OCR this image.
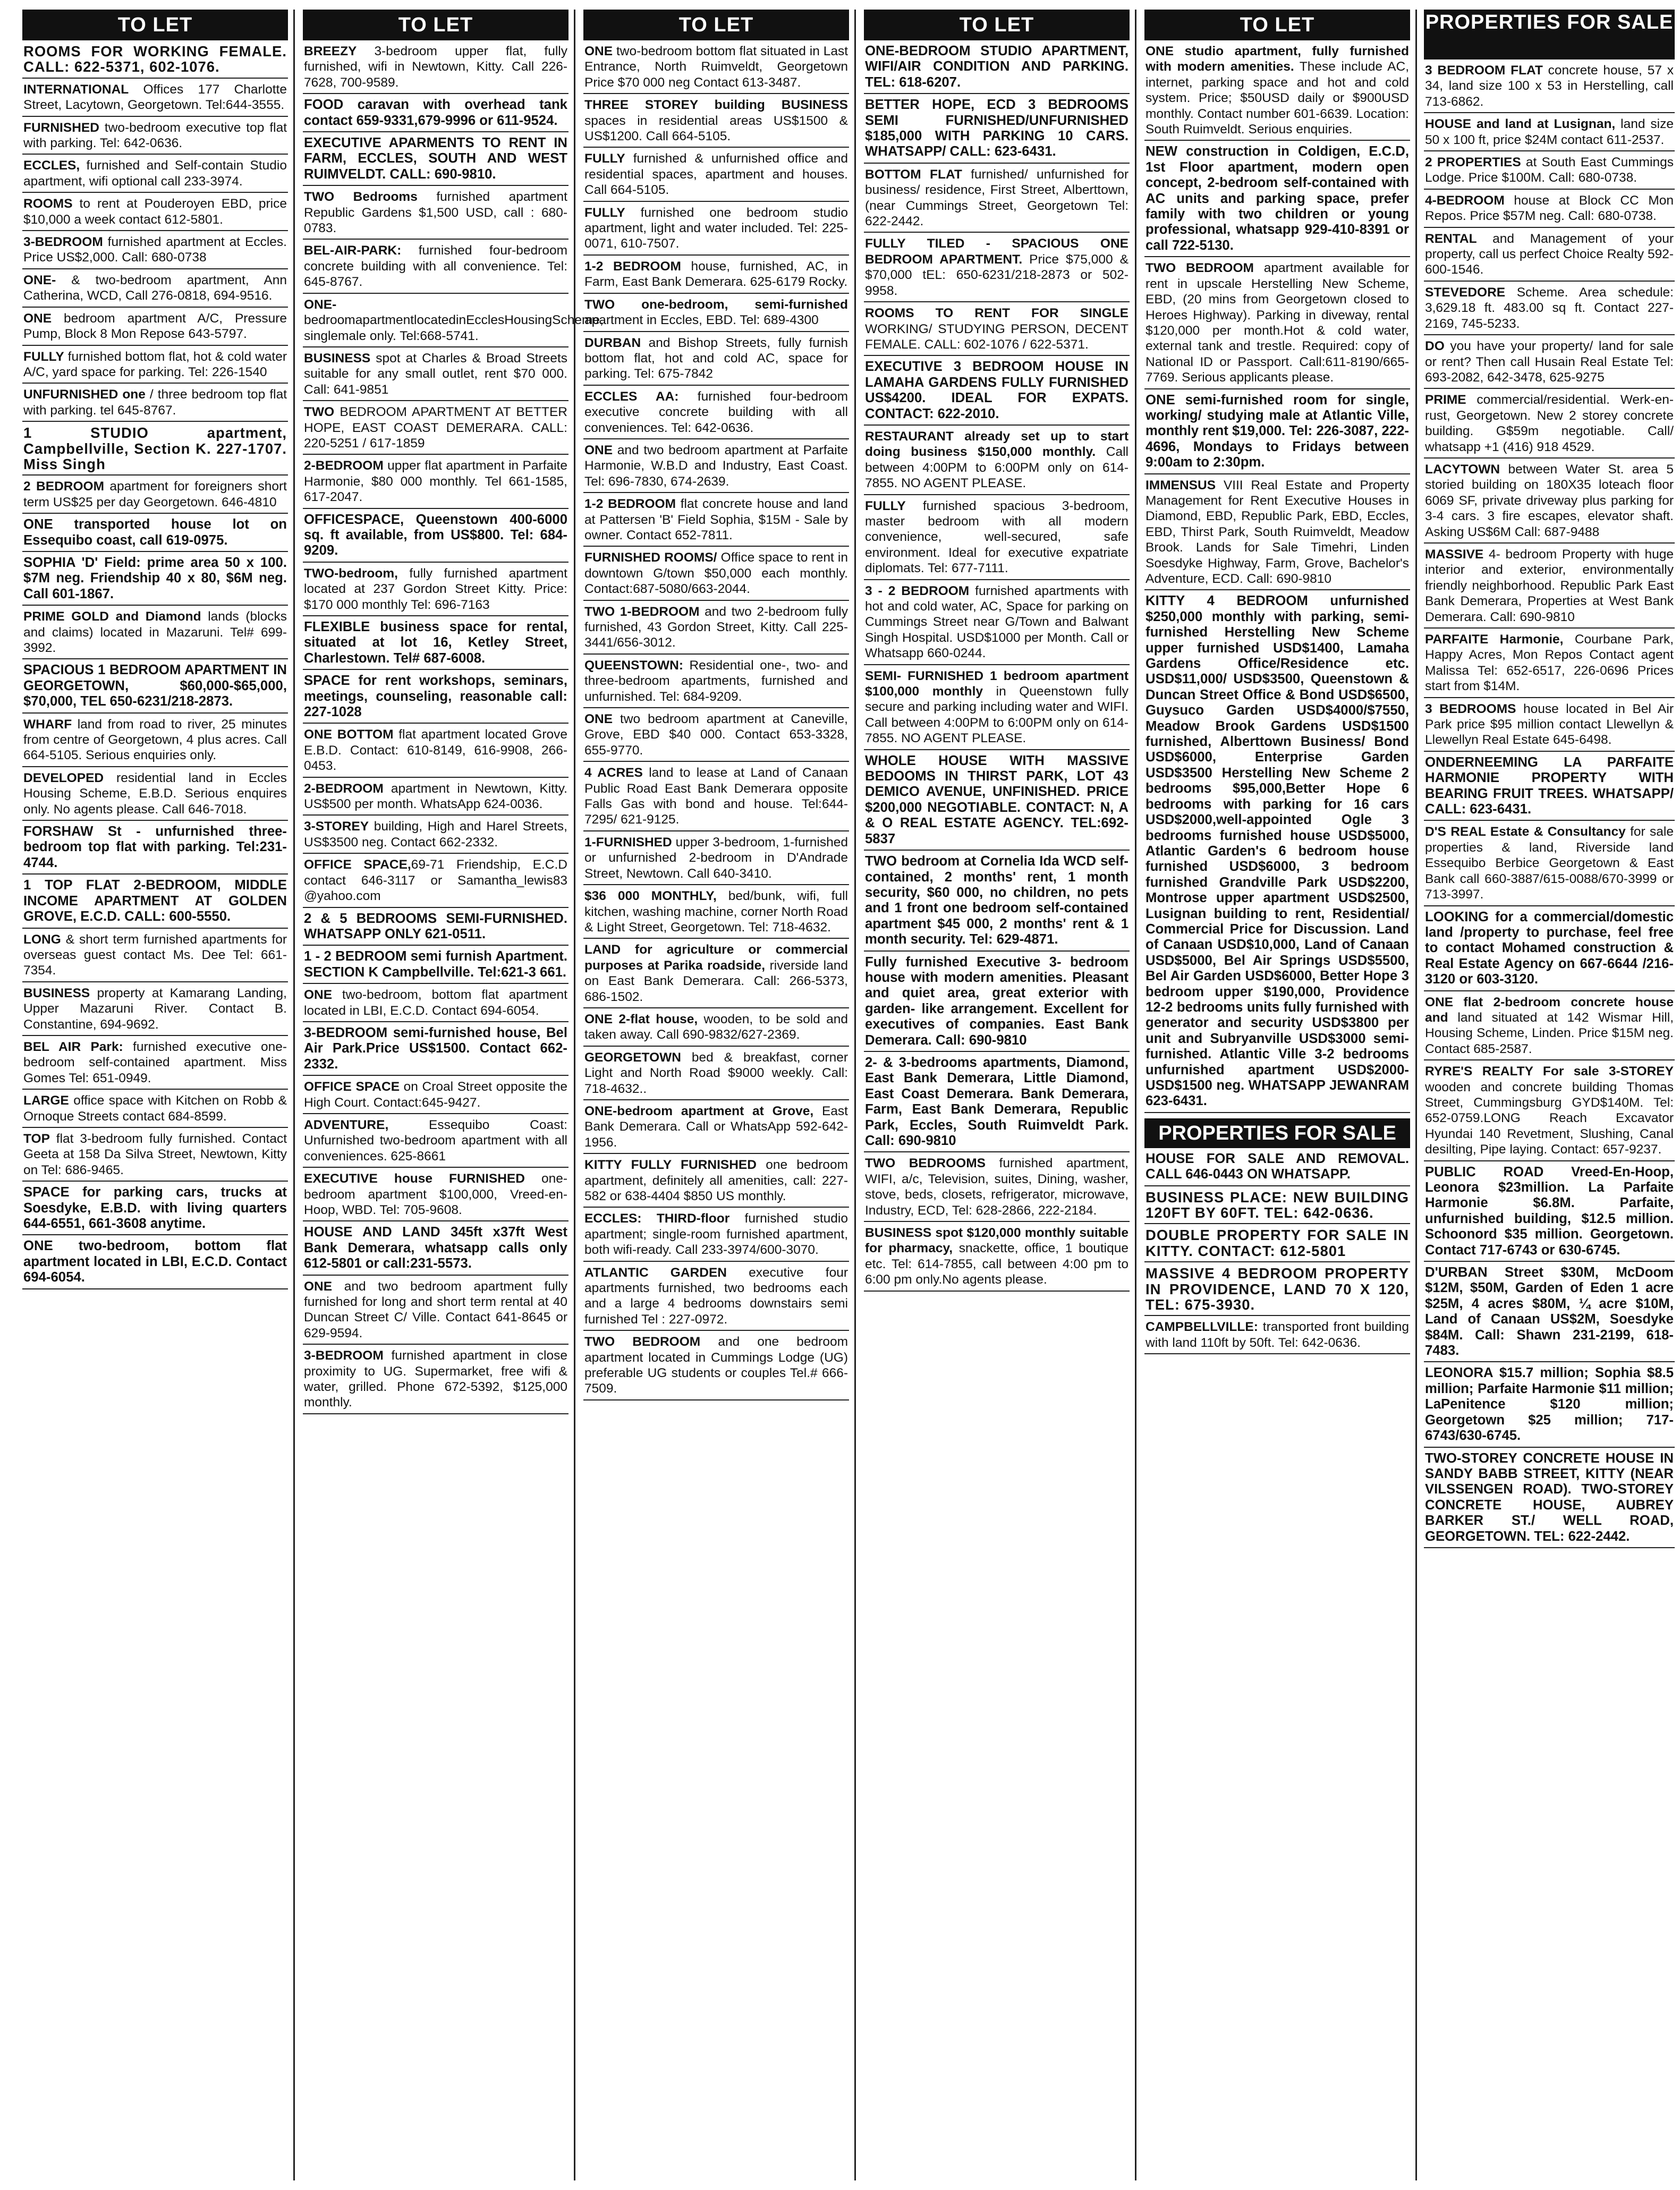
TO LET
ROOMS FOR WORKING FEMALE. CALL: 622-5371, 602-1076.
INTERNATIONAL Offices 177 Charlotte Street, Lacytown, Georgetown. Tel:644-3555.
FURNISHED two-bedroom executive top flat with parking. Tel: 642-0636.
ECCLES, furnished and Self-contain Studio apartment, wifi optional call 233-3974.
ROOMS to rent at Pouderoyen EBD, price $10,000 a week contact 612-5801.
3-BEDROOM furnished apartment at Eccles. Price US$2,000. Call: 680-0738
ONE- & two-bedroom apartment, Ann Catherina, WCD, Call 276-0818, 694-9516.
ONE bedroom apartment A/C, Pressure Pump, Block 8 Mon Repose 643-5797.
FULLY furnished bottom flat, hot & cold water A/C, yard space for parking. Tel: 226-1540
UNFURNISHED one / three bedroom top flat with parking. tel 645-8767.
1 STUDIO apartment, Campbellville, Section K. 227-1707. Miss Singh
2 BEDROOM apartment for foreigners short term US$25 per day Georgetown. 646-4810
ONE transported house lot on Essequibo coast, call 619-0975.
SOPHIA 'D' Field: prime area 50 x 100. $7M neg. Friendship 40 x 80, $6M neg. Call 601-1867.
PRIME GOLD and Diamond lands (blocks and claims) located in Mazaruni. Tel# 699-3992.
SPACIOUS 1 BEDROOM APARTMENT IN GEORGETOWN, $60,000-$65,000, $70,000, TEL 650-6231/218-2873.
WHARF land from road to river, 25 minutes from centre of Georgetown, 4 plus acres. Call 664-5105. Serious enquiries only.
DEVELOPED residential land in Eccles Housing Scheme, E.B.D. Serious enquires only. No agents please. Call 646-7018.
FORSHAW St - unfurnished three-bedroom top flat with parking. Tel:231-4744.
1 TOP FLAT 2-BEDROOM, MIDDLE INCOME APARTMENT AT GOLDEN GROVE, E.C.D. CALL: 600-5550.
LONG & short term furnished apartments for overseas guest contact Ms. Dee Tel: 661-7354.
BUSINESS property at Kamarang Landing, Upper Mazaruni River. Contact B. Constantine, 694-9692.
BEL AIR Park: furnished executive one-bedroom self-contained apartment. Miss Gomes Tel: 651-0949.
LARGE office space with Kitchen on Robb & Ornoque Streets contact 684-8599.
TOP flat 3-bedroom fully furnished. Contact Geeta at 158 Da Silva Street, Newtown, Kitty on Tel: 686-9465.
SPACE for parking cars, trucks at Soesdyke, E.B.D. with living quarters 644-6551, 661-3608 anytime.
ONE two-bedroom, bottom flat apartment located in LBI, E.C.D. Contact 694-6054.
TO LET
BREEZY 3-bedroom upper flat, fully furnished, wifi in Newtown, Kitty. Call 226-7628, 700-9589.
FOOD caravan with overhead tank contact 659-9331,679-9996 or 611-9524.
EXECUTIVE APARMENTS TO RENT IN FARM, ECCLES, SOUTH AND WEST RUIMVELDT. CALL: 690-9810.
TWO Bedrooms furnished apartment Republic Gardens $1,500 USD, call : 680-0783.
BEL-AIR-PARK: furnished four-bedroom concrete building with all convenience. Tel: 645-8767.
ONE-bedroomapartmentlocatedinEcclesHousingScheme, singlemale only. Tel:668-5741.
BUSINESS spot at Charles & Broad Streets suitable for any small outlet, rent $70 000. Call: 641-9851
TWO BEDROOM APARTMENT AT BETTER HOPE, EAST COAST DEMERARA. CALL: 220-5251 / 617-1859
2-BEDROOM upper flat apartment in Parfaite Harmonie, $80 000 monthly. Tel 661-1585, 617-2047.
OFFICESPACE, Queenstown 400-6000 sq. ft available, from US$800. Tel: 684-9209.
TWO-bedroom, fully furnished apartment located at 237 Gordon Street Kitty. Price: $170 000 monthly Tel: 696-7163
FLEXIBLE business space for rental, situated at lot 16, Ketley Street, Charlestown. Tel# 687-6008.
SPACE for rent workshops, seminars, meetings, counseling, reasonable call: 227-1028
ONE BOTTOM flat apartment located Grove E.B.D. Contact: 610-8149, 616-9908, 266-0453.
2-BEDROOM apartment in Newtown, Kitty. US$500 per month. WhatsApp 624-0036.
3-STOREY building, High and Harel Streets, US$3500 neg. Contact 662-2332.
OFFICE SPACE,69-71 Friendship, E.C.D contact 646-3117 or Samantha_lewis83 @yahoo.com
2 & 5 BEDROOMS SEMI-FURNISHED. WHATSAPP ONLY 621-0511.
1 - 2 BEDROOM semi furnish Apartment. SECTION K Campbellville. Tel:621-3 661.
ONE two-bedroom, bottom flat apartment located in LBI, E.C.D. Contact 694-6054.
3-BEDROOM semi-furnished house, Bel Air Park.Price US$1500. Contact 662-2332.
OFFICE SPACE on Croal Street opposite the High Court. Contact:645-9427.
ADVENTURE, Essequibo Coast: Unfurnished two-bedroom apartment with all conveniences. 625-8661
EXECUTIVE house FURNISHED one-bedroom apartment $100,000, Vreed-en-Hoop, WBD. Tel: 705-9608.
HOUSE AND LAND 345ft x37ft West Bank Demerara, whatsapp calls only 612-5801 or call:231-5573.
ONE and two bedroom apartment fully furnished for long and short term rental at 40 Duncan Street C/ Ville. Contact 641-8645 or 629-9594.
3-BEDROOM furnished apartment in close proximity to UG. Supermarket, free wifi & water, grilled. Phone 672-5392, $125,000 monthly.
TO LET
ONE two-bedroom bottom flat situated in Last Entrance, North Ruimveldt, Georgetown Price $70 000 neg Contact 613-3487.
THREE STOREY building BUSINESS spaces in residential areas US$1500 & US$1200. Call 664-5105.
FULLY furnished & unfurnished office and residential spaces, apartment and houses. Call 664-5105.
FULLY furnished one bedroom studio apartment, light and water included. Tel: 225-0071, 610-7507.
1-2 BEDROOM house, furnished, AC, in Farm, East Bank Demerara. 625-6179 Rocky.
TWO one-bedroom, semi-furnished apartment in Eccles, EBD. Tel: 689-4300
DURBAN and Bishop Streets, fully furnish bottom flat, hot and cold AC, space for parking. Tel: 675-7842
ECCLES AA: furnished four-bedroom executive concrete building with all conveniences. Tel: 642-0636.
ONE and two bedroom apartment at Parfaite Harmonie, W.B.D and Industry, East Coast. Tel: 696-7830, 674-2639.
1-2 BEDROOM flat concrete house and land at Pattersen 'B' Field Sophia, $15M - Sale by owner. Contact 652-7811.
FURNISHED ROOMS/ Office space to rent in downtown G/town $50,000 each monthly. Contact:687-5080/663-2044.
TWO 1-BEDROOM and two 2-bedroom fully furnished, 43 Gordon Street, Kitty. Call 225- 3441/656-3012.
QUEENSTOWN: Residential one-, two- and three-bedroom apartments, furnished and unfurnished. Tel: 684-9209.
ONE two bedroom apartment at Caneville, Grove, EBD $40 000. Contact 653-3328, 655-9770.
4 ACRES land to lease at Land of Canaan Public Road East Bank Demerara opposite Falls Gas with bond and house. Tel:644-7295/ 621-9125.
1-FURNISHED upper 3-bedroom, 1-furnished or unfurnished 2-bedroom in D'Andrade Street, Newtown. Call 640-3410.
$36 000 MONTHLY, bed/bunk, wifi, full kitchen, washing machine, corner North Road & Light Street, Georgetown. Tel: 718-4632.
LAND for agriculture or commercial purposes at Parika roadside, riverside land on East Bank Demerara. Call: 266-5373, 686-1502.
ONE 2-flat house, wooden, to be sold and taken away. Call 690-9832/627-2369.
GEORGETOWN bed & breakfast, corner Light and North Road $9000 weekly. Call: 718-4632..
ONE-bedroom apartment at Grove, East Bank Demerara. Call or WhatsApp 592-642-1956.
KITTY FULLY FURNISHED one bedroom apartment, definitely all amenities, call: 227-582 or 638-4404 $850 US monthly.
ECCLES: THIRD-floor furnished studio apartment; single-room furnished apartment, both wifi-ready. Call 233-3974/600-3070.
ATLANTIC GARDEN executive four apartments furnished, two bedrooms each and a large 4 bedrooms downstairs semi furnished Tel : 227-0972.
TWO BEDROOM and one bedroom apartment located in Cummings Lodge (UG) preferable UG students or couples Tel.# 666-7509.
TO LET
ONE-BEDROOM STUDIO APARTMENT, WIFI/AIR CONDITION AND PARKING. TEL: 618-6207.
BETTER HOPE, ECD 3 BEDROOMS SEMI FURNISHED/UNFURNISHED $185,000 WITH PARKING 10 CARS. WHATSAPP/ CALL: 623-6431.
BOTTOM FLAT furnished/ unfurnished for business/ residence, First Street, Alberttown, (near Cummings Street, Georgetown Tel: 622-2442.
FULLY TILED - SPACIOUS ONE BEDROOM APARTMENT. Price $75,000 & $70,000 tEL: 650-6231/218-2873 or 502-9958.
ROOMS TO RENT FOR SINGLE WORKING/ STUDYING PERSON, DECENT FEMALE. CALL: 602-1076 / 622-5371.
EXECUTIVE 3 BEDROOM HOUSE IN LAMAHA GARDENS FULLY FURNISHED US$4200. IDEAL FOR EXPATS. CONTACT: 622-2010.
RESTAURANT already set up to start doing business $150,000 monthly. Call between 4:00PM to 6:00PM only on 614-7855. NO AGENT PLEASE.
FULLY furnished spacious 3-bedroom, master bedroom with all modern convenience, well-secured, safe environment. Ideal for executive expatriate diplomats. Tel: 677-7111.
3 - 2 BEDROOM furnished apartments with hot and cold water, AC, Space for parking on Cummings Street near G/Town and Balwant Singh Hospital. USD$1000 per Month. Call or Whatsapp 660-0244.
SEMI- FURNISHED 1 bedroom apartment $100,000 monthly in Queenstown fully secure and parking including water and WIFI. Call between 4:00PM to 6:00PM only on 614-7855. NO AGENT PLEASE.
WHOLE HOUSE WITH MASSIVE BEDOOMS IN THIRST PARK, LOT 43 DEMICO AVENUE, UNFINISHED. PRICE $200,000 NEGOTIABLE. CONTACT: N, A & O REAL ESTATE AGENCY. TEL:692-5837
TWO bedroom at Cornelia Ida WCD self-contained, 2 months' rent, 1 month security, $60 000, no children, no pets and 1 front one bedroom self-contained apartment $45 000, 2 months' rent & 1 month security. Tel: 629-4871.
Fully furnished Executive 3- bedroom house with modern amenities. Pleasant and quiet area, great exterior with garden- like arrangement. Excellent for executives of companies. East Bank Demerara. Call: 690-9810
2- & 3-bedrooms apartments, Diamond, East Bank Demerara, Little Diamond, East Coast Demerara. Bank Demerara, Farm, East Bank Demerara, Republic Park, Eccles, South Ruimveldt Park. Call: 690-9810
TWO BEDROOMS furnished apartment, WIFI, a/c, Television, suites, Dining, washer, stove, beds, closets, refrigerator, microwave, Industry, ECD, Tel: 628-2866, 222-2184.
BUSINESS spot $120,000 monthly suitable for pharmacy, snackette, office, 1 boutique etc. Tel: 614-7855, call between 4:00 pm to 6:00 pm only.No agents please.
TO LET
ONE studio apartment, fully furnished with modern amenities. These include AC, internet, parking space and hot and cold system. Price; $50USD daily or $900USD monthly. Contact number 601-6639. Location: South Ruimveldt. Serious enquiries.
NEW construction in Coldigen, E.C.D, 1st Floor apartment, modern open concept, 2-bedroom self-contained with AC units and parking space, prefer family with two children or young professional, whatsapp 929-410-8391 or call 722-5130.
TWO BEDROOM apartment available for rent in upscale Herstelling New Scheme, EBD, (20 mins from Georgetown closed to Heroes Highway). Parking in diveway, rental $120,000 per month.Hot & cold water, external tank and trestle. Required: copy of National ID or Passport. Call:611-8190/665-7769. Serious applicants please.
ONE semi-furnished room for single, working/ studying male at Atlantic Ville, monthly rent $19,000. Tel: 226-3087, 222-4696, Mondays to Fridays between 9:00am to 2:30pm.
IMMENSUS VIII Real Estate and Property Management for Rent Executive Houses in Diamond, EBD, Republic Park, EBD, Eccles, EBD, Thirst Park, South Ruimveldt, Meadow Brook. Lands for Sale Timehri, Linden Soesdyke Highway, Farm, Grove, Bachelor's Adventure, ECD. Call: 690-9810
KITTY 4 BEDROOM unfurnished $250,000 monthly with parking, semi-furnished Herstelling New Scheme upper furnished USD$1400, Lamaha Gardens Office/Residence etc. USD$11,000/ USD$3500, Queenstown & Duncan Street Office & Bond USD$6500, Guysuco Garden USD$4000/$7550, Meadow Brook Gardens USD$1500 furnished, Alberttown Business/ Bond USD$6000, Enterprise Garden USD$3500 Herstelling New Scheme 2 bedrooms $95,000,Better Hope 6 bedrooms with parking for 16 cars USD$2000,well-appointed Ogle 3 bedrooms furnished house USD$5000, Atlantic Garden's 6 bedroom house furnished USD$6000, 3 bedroom furnished Grandville Park USD$2200, Montrose upper apartment USD$2500, Lusignan building to rent, Residential/ Commercial Price for Discussion. Land of Canaan USD$10,000, Land of Canaan USD$5000, Bel Air Springs USD$5500, Bel Air Garden USD$6000, Better Hope 3 bedroom upper $190,000, Providence 12-2 bedrooms units fully furnished with generator and security USD$3800 per unit and Subryanville USD$3000 semi-furnished. Atlantic Ville 3-2 bedrooms unfurnished apartment USD$2000-USD$1500 neg. WHATSAPP JEWANRAM 623-6431.
PROPERTIES FOR SALE
HOUSE FOR SALE AND REMOVAL. CALL 646-0443 ON WHATSAPP.
BUSINESS PLACE: NEW BUILDING 120FT BY 60FT. TEL: 642-0636.
DOUBLE PROPERTY FOR SALE IN KITTY. CONTACT: 612-5801
MASSIVE 4 BEDROOM PROPERTY IN PROVIDENCE, LAND 70 X 120, TEL: 675-3930.
CAMPBELLVILLE: transported front building with land 110ft by 50ft. Tel: 642-0636.
PROPERTIES FOR SALE
3 BEDROOM FLAT concrete house, 57 x 34, land size 100 x 53 in Herstelling, call 713-6862.
HOUSE and land at Lusignan, land size 50 x 100 ft, price $24M contact 611-2537.
2 PROPERTIES at South East Cummings Lodge. Price $100M. Call: 680-0738.
4-BEDROOM house at Block CC Mon Repos. Price $57M neg. Call: 680-0738.
RENTAL and Management of your property, call us perfect Choice Realty 592-600-1546.
STEVEDORE Scheme. Area schedule: 3,629.18 ft. 483.00 sq ft. Contact 227-2169, 745-5233.
DO you have your property/ land for sale or rent? Then call Husain Real Estate Tel: 693-2082, 642-3478, 625-9275
PRIME commercial/residential. Werk-en-rust, Georgetown. New 2 storey concrete building. G$59m negotiable. Call/ whatsapp +1 (416) 918 4529.
LACYTOWN between Water St. area 5 storied building on 180X35 loteach floor 6069 SF, private driveway plus parking for 3-4 cars. 3 fire escapes, elevator shaft. Asking US$6M Call: 687-9488
MASSIVE 4- bedroom Property with huge interior and exterior, environmentally friendly neighborhood. Republic Park East Bank Demerara, Properties at West Bank Demerara. Call: 690-9810
PARFAITE Harmonie, Courbane Park, Happy Acres, Mon Repos Contact agent Malissa Tel: 652-6517, 226-0696 Prices start from $14M.
3 BEDROOMS house located in Bel Air Park price $95 million contact Llewellyn & Llewellyn Real Estate 645-6498.
ONDERNEEMING LA PARFAITE HARMONIE PROPERTY WITH BEARING FRUIT TREES. WHATSAPP/ CALL: 623-6431.
D'S REAL Estate & Consultancy for sale properties & land, Riverside land Essequibo Berbice Georgetown & East Bank call 660-3887/615-0088/670-3999 or 713-3997.
LOOKING for a commercial/domestic land /property to purchase, feel free to contact Mohamed construction & Real Estate Agency on 667-6644 /216-3120 or 603-3120.
ONE flat 2-bedroom concrete house and land situated at 142 Wismar Hill, Housing Scheme, Linden. Price $15M neg. Contact 685-2587.
RYRE'S REALTY For sale 3-STOREY wooden and concrete building Thomas Street, Cummingsburg GYD$140M. Tel: 652-0759.LONG Reach Excavator Hyundai 140 Revetment, Slushing, Canal desilting, Pipe laying. Contact: 657-9237.
PUBLIC ROAD Vreed-En-Hoop, Leonora $23million. La Parfaite Harmonie $6.8M. Parfaite, unfurnished building, $12.5 million. Schoonord $35 million. Georgetown. Contact 717-6743 or 630-6745.
D'URBAN Street $30M, McDoom $12M, $50M, Garden of Eden 1 acre $25M, 4 acres $80M, ¼ acre $10M, Land of Canaan US$2M, Soesdyke $84M. Call: Shawn 231-2199, 618-7483.
LEONORA $15.7 million; Sophia $8.5 million; Parfaite Harmonie $11 million; LaPenitence $120 million; Georgetown $25 million; 717-6743/630-6745.
TWO-STOREY CONCRETE HOUSE IN SANDY BABB STREET, KITTY (NEAR VILSSENGEN ROAD). TWO-STOREY CONCRETE HOUSE, AUBREY BARKER ST./ WELL ROAD, GEORGETOWN. TEL: 622-2442.
